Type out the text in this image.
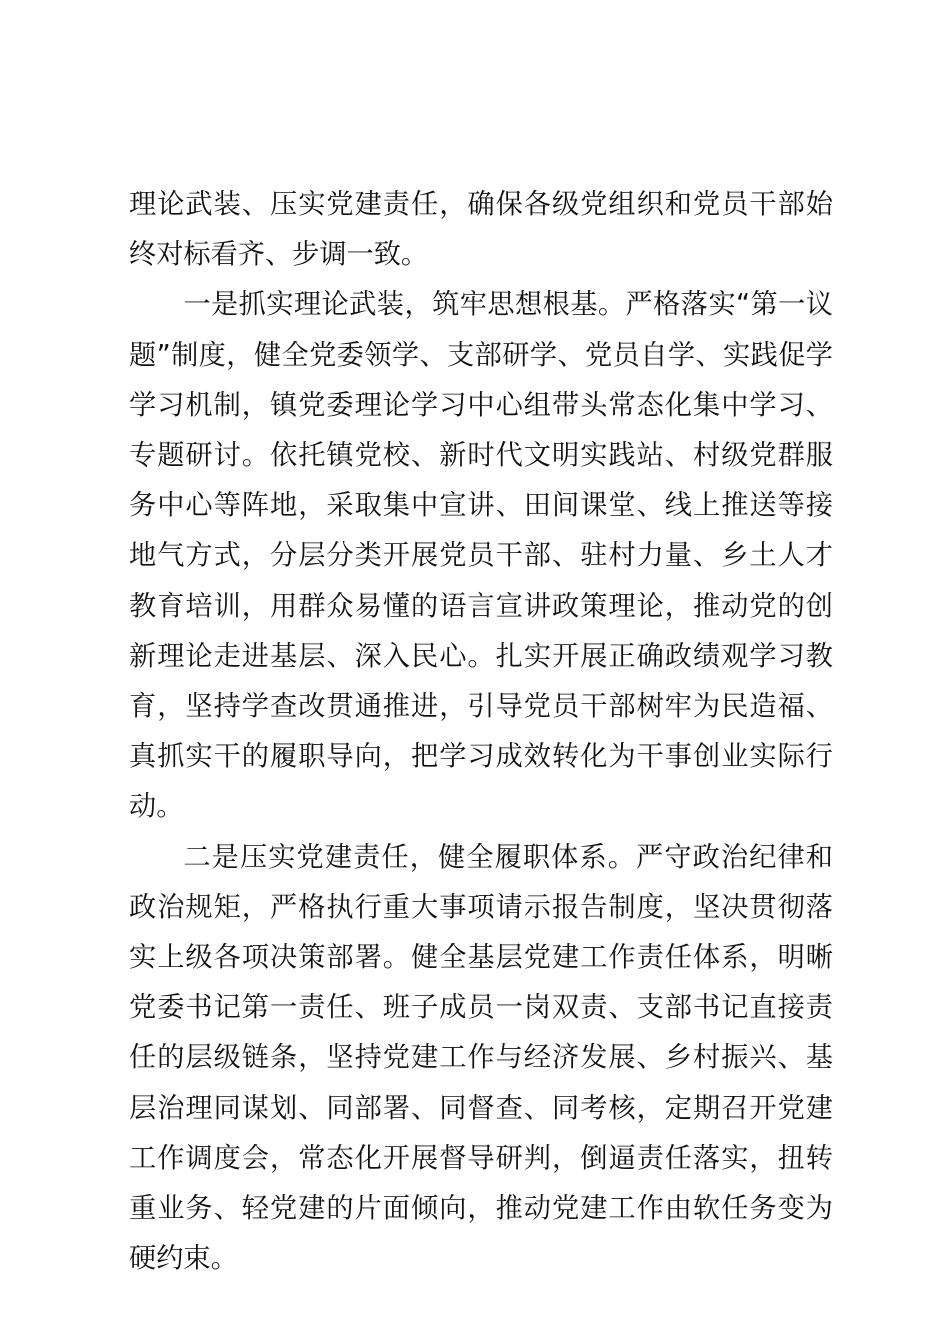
理论武装、压实党建责任，确保各级党组织和党员干部始终对标看齐、步调一致。

一是抓实理论武装，筑牢思想根基。严格落实“第一议题”制度，健全党委领学、支部研学、党员自学、实践促学学习机制，镇党委理论学习中心组带头常态化集中学习、专题研讨。依托镇党校、新时代文明实践站、村级党群服务中心等阵地，采取集中宣讲、田间课堂、线上推送等接地气方式，分层分类开展党员干部、驻村力量、乡土人才教育培训，用群众易懂的语言宣讲政策理论，推动党的创新理论走进基层、深入民心。扎实开展正确政绩观学习教育，坚持学查改贯通推进，引导党员干部树牢为民造福、真抓实干的履职导向，把学习成效转化为干事创业实际行动。

二是压实党建责任，健全履职体系。严守政治纪律和政治规矩，严格执行重大事项请示报告制度，坚决贯彻落实上级各项决策部署。健全基层党建工作责任体系，明晰党委书记第一责任、班子成员一岗双责、支部书记直接责任的层级链条，坚持党建工作与经济发展、乡村振兴、基层治理同谋划、同部署、同督查、同考核，定期召开党建工作调度会，常态化开展督导研判，倒逼责任落实，扭转重业务、轻党建的片面倾向，推动党建工作由软任务变为硬约束。
